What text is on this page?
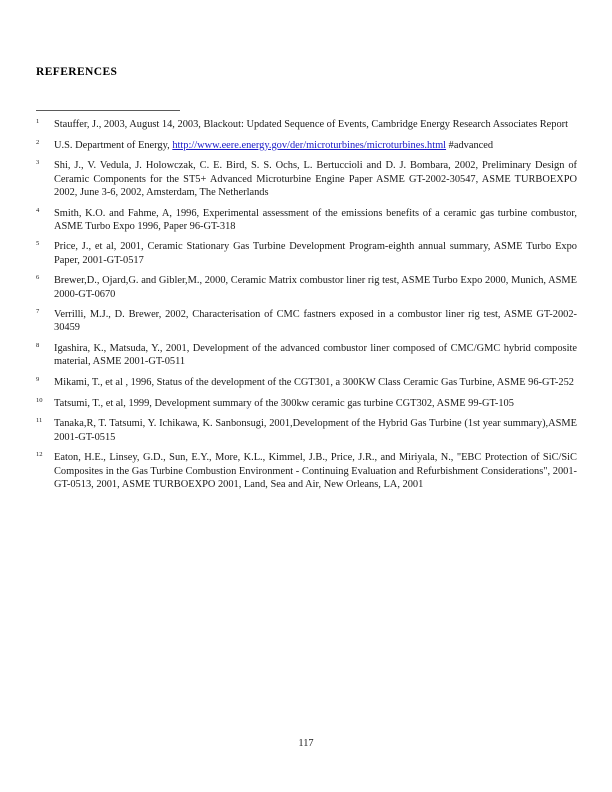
REFERENCES
1 Stauffer, J., 2003, August 14, 2003, Blackout: Updated Sequence of Events, Cambridge Energy Research Associates Report
2 U.S. Department of Energy, http://www.eere.energy.gov/der/microturbines/microturbines.html #advanced
3 Shi, J., V. Vedula, J. Holowczak, C. E. Bird, S. S. Ochs, L. Bertuccioli and D. J. Bombara, 2002, Preliminary Design of Ceramic Components for the ST5+ Advanced Microturbine Engine Paper ASME GT-2002-30547, ASME TURBOEXPO 2002, June 3-6, 2002, Amsterdam, The Netherlands
4 Smith, K.O. and Fahme, A, 1996, Experimental assessment of the emissions benefits of a ceramic gas turbine combustor, ASME Turbo Expo 1996, Paper 96-GT-318
5 Price, J., et al, 2001, Ceramic Stationary Gas Turbine Development Program-eighth annual summary, ASME Turbo Expo Paper, 2001-GT-0517
6 Brewer,D., Ojard,G. and Gibler,M., 2000, Ceramic Matrix combustor liner rig test, ASME Turbo Expo 2000, Munich, ASME 2000-GT-0670
7 Verrilli, M.J., D. Brewer, 2002, Characterisation of CMC fastners exposed in a combustor liner rig test, ASME GT-2002-30459
8 Igashira, K., Matsuda, Y., 2001, Development of the advanced combustor liner composed of CMC/GMC hybrid composite material, ASME 2001-GT-0511
9 Mikami, T., et al , 1996, Status of the development of the CGT301, a 300KW Class Ceramic Gas Turbine, ASME 96-GT-252
10 Tatsumi, T., et al, 1999, Development summary of the 300kw ceramic gas turbine CGT302, ASME 99-GT-105
11 Tanaka,R, T. Tatsumi, Y. Ichikawa, K. Sanbonsugi, 2001,Development of the Hybrid Gas Turbine (1st year summary),ASME 2001-GT-0515
12 Eaton, H.E., Linsey, G.D., Sun, E.Y., More, K.L., Kimmel, J.B., Price, J.R., and Miriyala, N., "EBC Protection of SiC/SiC Composites in the Gas Turbine Combustion Environment - Continuing Evaluation and Refurbishment Considerations", 2001-GT-0513, 2001, ASME TURBOEXPO 2001, Land, Sea and Air, New Orleans, LA, 2001
117
